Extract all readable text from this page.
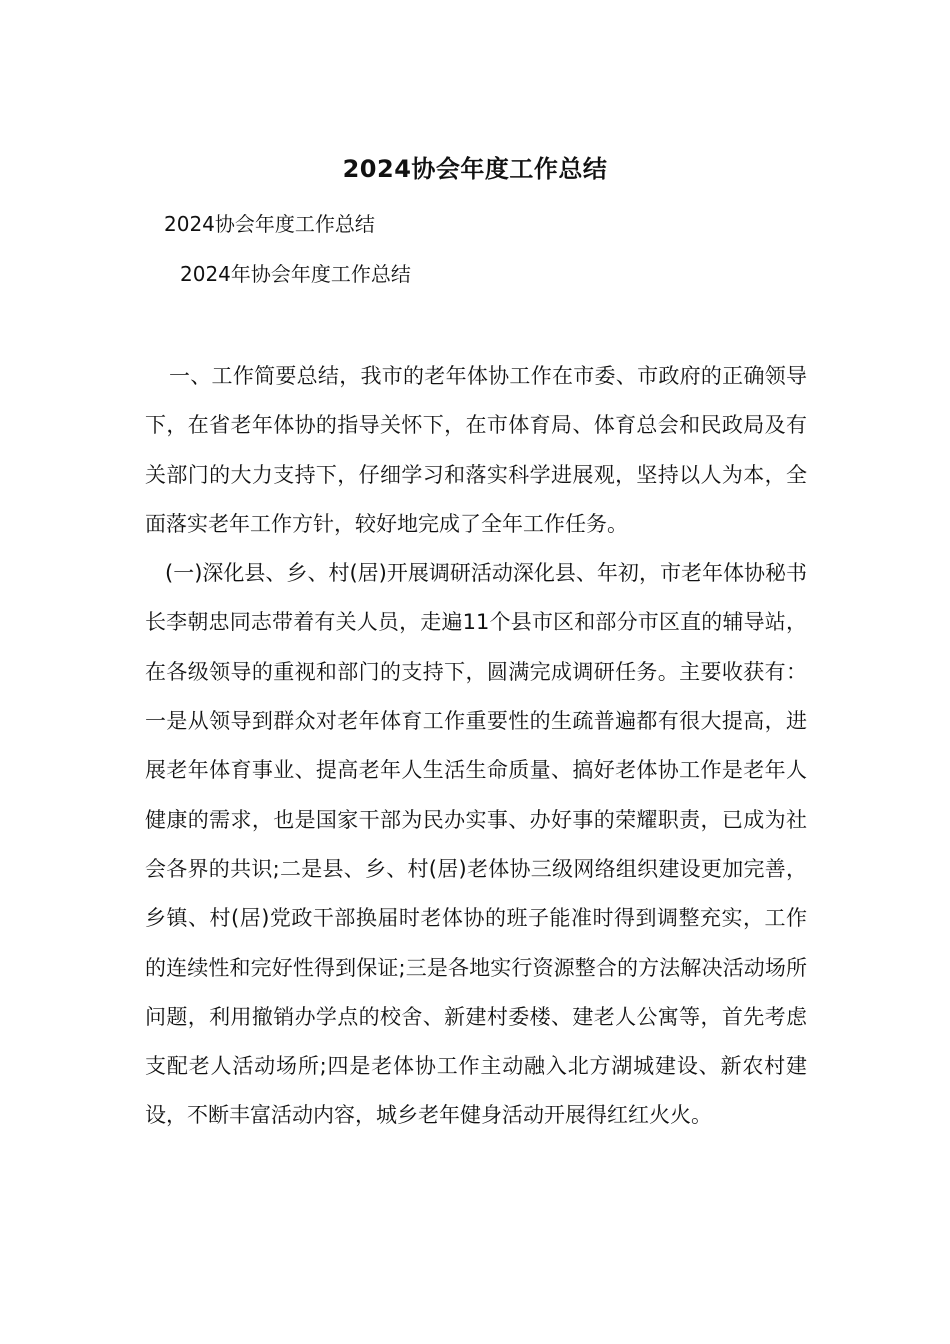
2024协会年度工作总结
2024协会年度工作总结
2024年协会年度工作总结

一、工作简要总结，我市的老年体协工作在市委、市政府的正确领导下，在省老年体协的指导关怀下，在市体育局、体育总会和民政局及有关部门的大力支持下，仔细学习和落实科学进展观，坚持以人为本，全面落实老年工作方针，较好地完成了全年工作任务。

(一)深化县、乡、村(居)开展调研活动深化县、年初，市老年体协秘书长李朝忠同志带着有关人员，走遍11个县市区和部分市区直的辅导站，在各级领导的重视和部门的支持下，圆满完成调研任务。主要收获有：一是从领导到群众对老年体育工作重要性的生疏普遍都有很大提高，进展老年体育事业、提高老年人生活生命质量、搞好老体协工作是老年人健康的需求，也是国家干部为民办实事、办好事的荣耀职责，已成为社会各界的共识;二是县、乡、村(居)老体协三级网络组织建设更加完善，乡镇、村(居)党政干部换届时老体协的班子能准时得到调整充实，工作的连续性和完好性得到保证;三是各地实行资源整合的方法解决活动场所问题，利用撤销办学点的校舍、新建村委楼、建老人公寓等，首先考虑支配老人活动场所;四是老体协工作主动融入北方湖城建设、新农村建设，不断丰富活动内容，城乡老年健身活动开展得红红火火。
